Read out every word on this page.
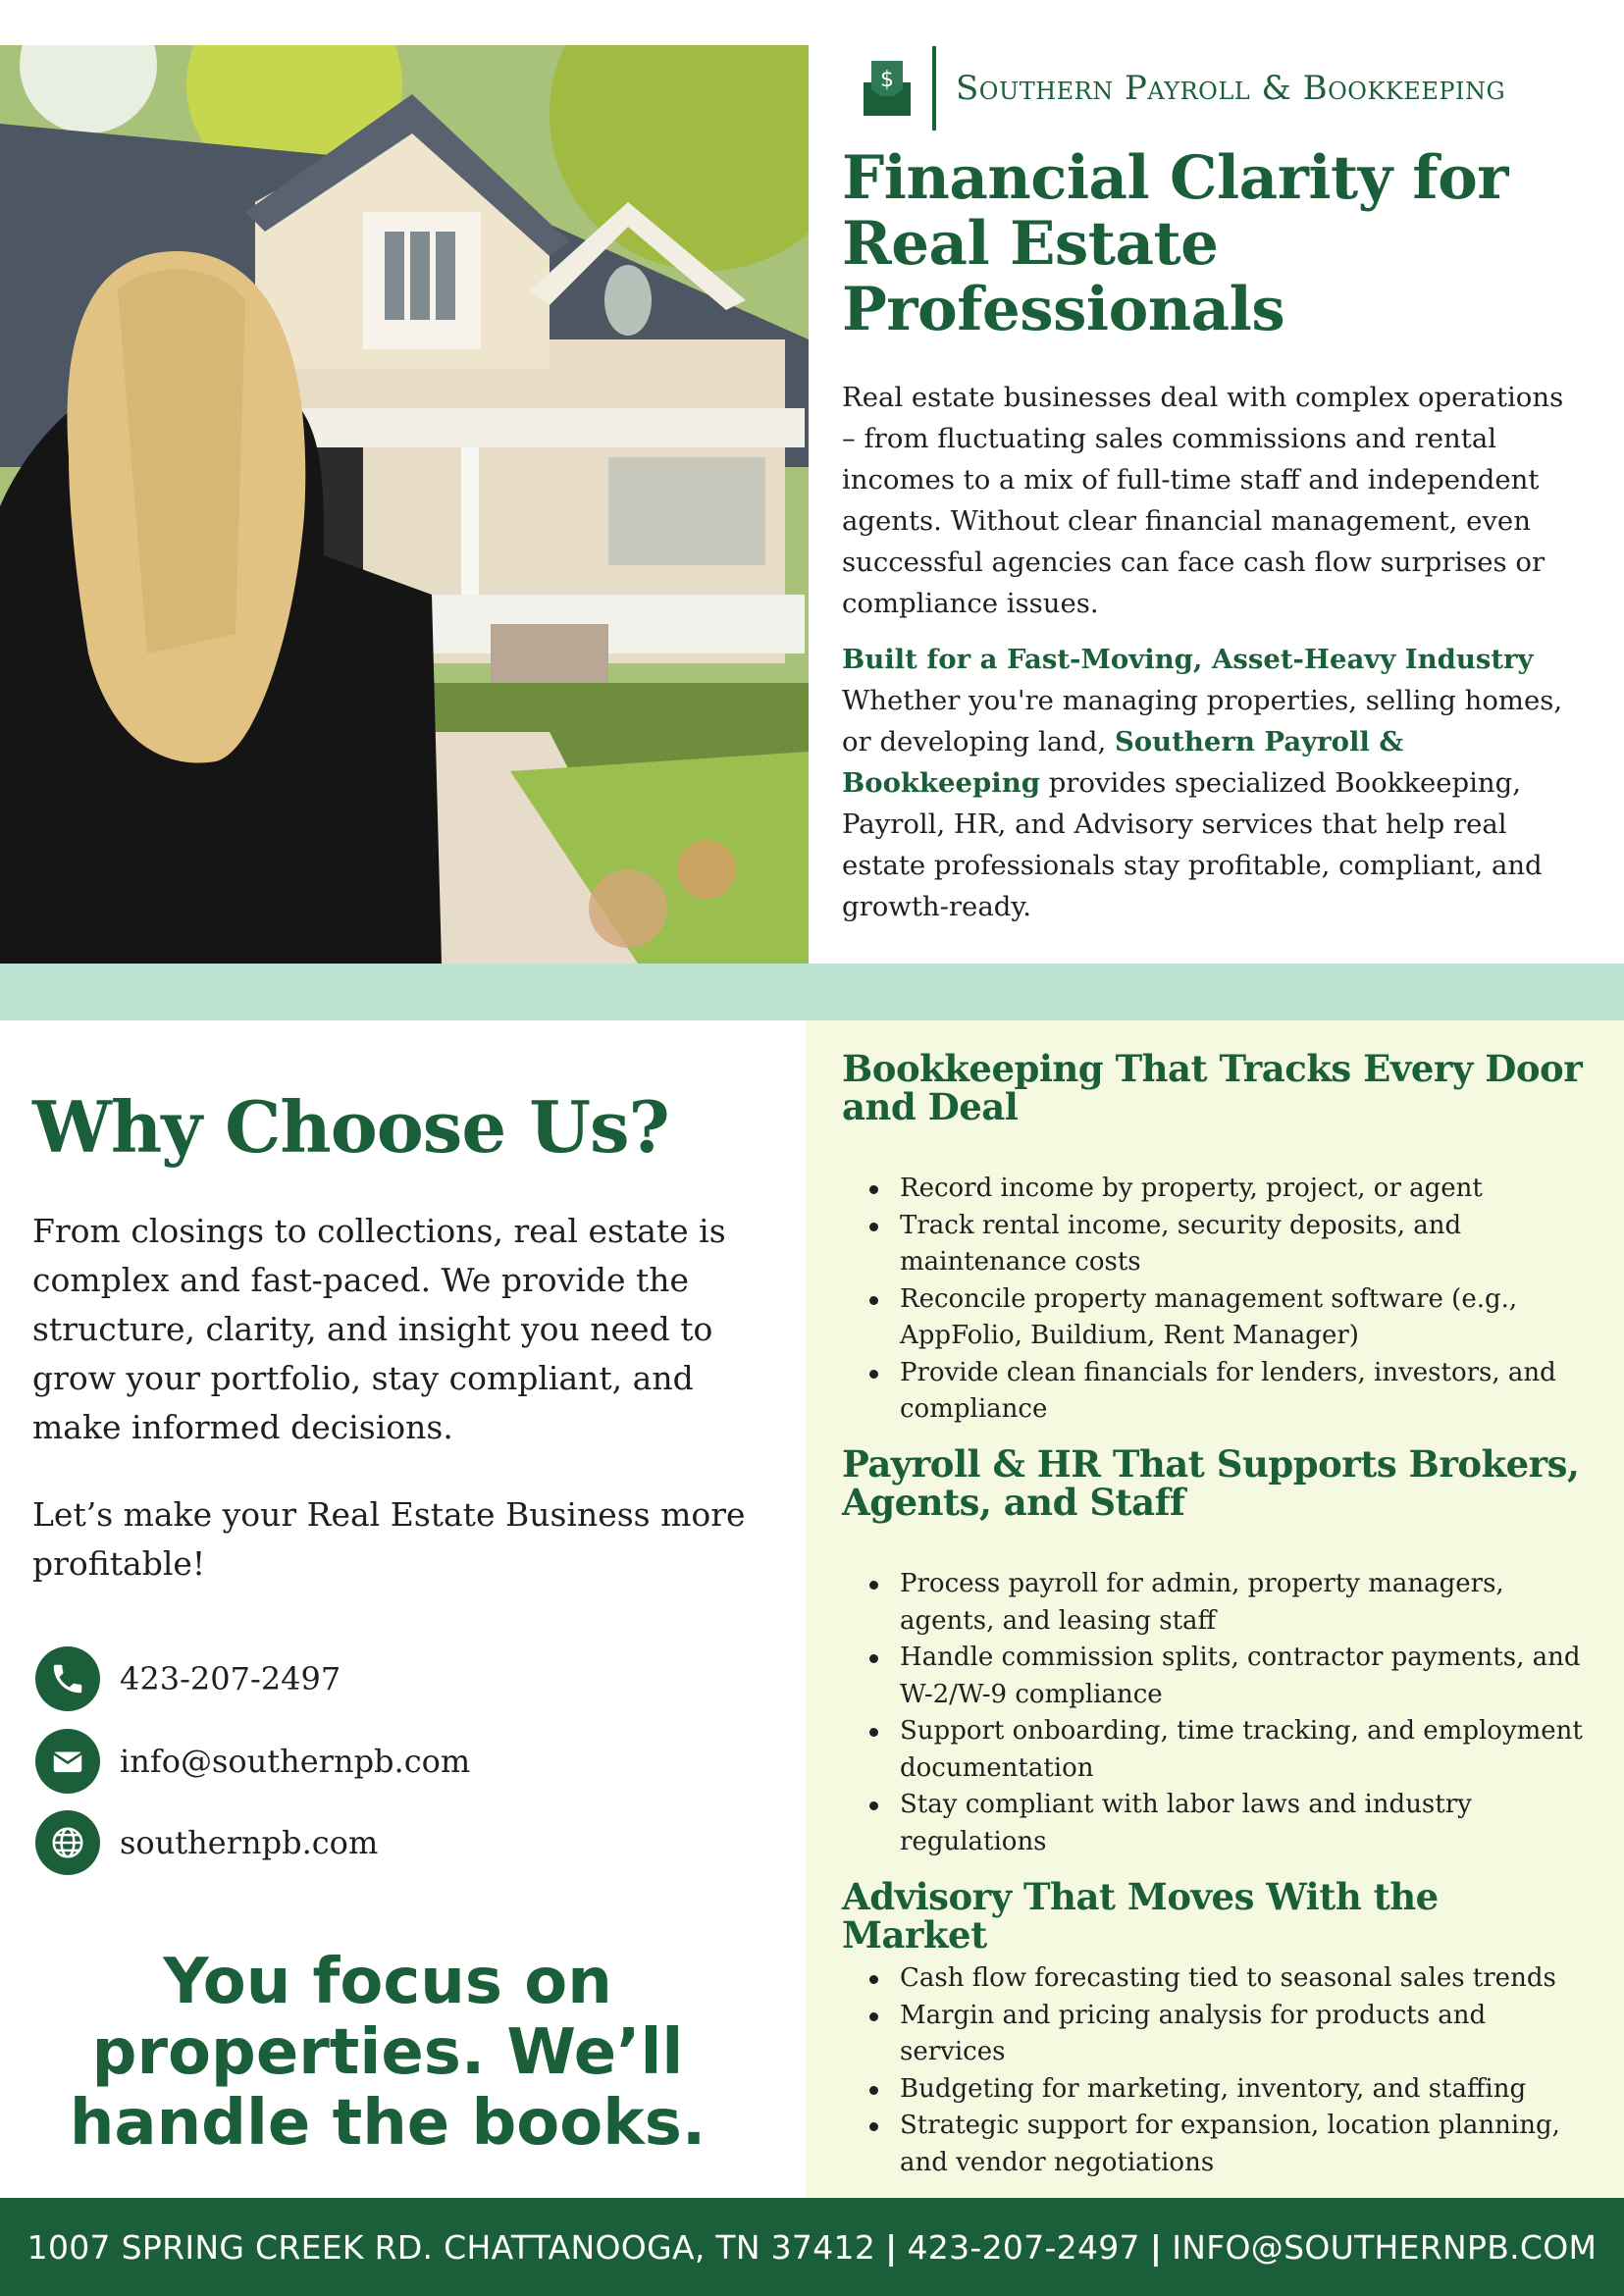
$ Southern Payroll & Bookkeeping
Financial Clarity for Real Estate Professionals

Real estate businesses deal with complex operations – from fluctuating sales commissions and rental incomes to a mix of full-time staff and independent agents. Without clear financial management, even successful agencies can face cash flow surprises or compliance issues.

Built for a Fast-Moving, Asset-Heavy Industry
Whether you're managing properties, selling homes, or developing land, Southern Payroll & Bookkeeping provides specialized Bookkeeping, Payroll, HR, and Advisory services that help real estate professionals stay profitable, compliant, and growth-ready.

Why Choose Us?

From closings to collections, real estate is complex and fast-paced. We provide the structure, clarity, and insight you need to grow your portfolio, stay compliant, and make informed decisions.

Let’s make your Real Estate Business more profitable!

423-207-2497
info@southernpb.com
southernpb.com
You focus on properties. We’ll handle the books.
Bookkeeping That Tracks Every Door and Deal
Record income by property, project, or agent
Track rental income, security deposits, and maintenance costs
Reconcile property management software (e.g., AppFolio, Buildium, Rent Manager)
Provide clean financials for lenders, investors, and compliance
Payroll & HR That Supports Brokers, Agents, and Staff
Process payroll for admin, property managers, agents, and leasing staff
Handle commission splits, contractor payments, and W-2/W-9 compliance
Support onboarding, time tracking, and employment documentation
Stay compliant with labor laws and industry regulations
Advisory That Moves With the Market
Cash flow forecasting tied to seasonal sales trends
Margin and pricing analysis for products and services
Budgeting for marketing, inventory, and staffing
Strategic support for expansion, location planning, and vendor negotiations
1007 SPRING CREEK RD. CHATTANOOGA, TN 37412 | 423-207-2497 | INFO@SOUTHERNPB.COM
